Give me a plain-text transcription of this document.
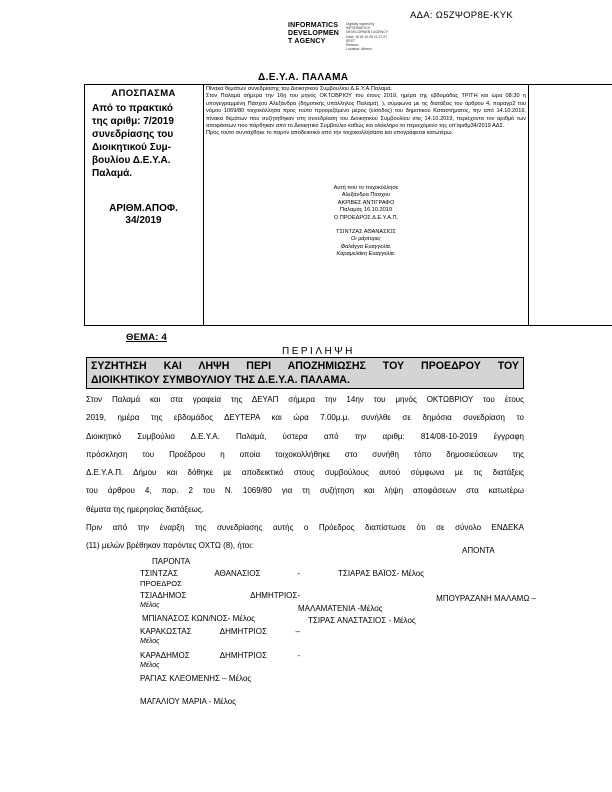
ΑΔΑ: Ω5ΖΨΟΡ8Ε-ΚΥΚ
INFORMATICS
DEVELOPMEN
T AGENCY
Digitally signed by
INFORMATICS
DEVELOPMENT AGENCY
Date: 2019.10.25 11:17:27
EEST
Reason:
Location: Athens
Δ.Ε.Υ.Α. ΠΑΛΑΜΑ
ΑΠΟΣΠΑΣΜΑ
Από το πρακτικό
της αριθμ: 7/2019
συνεδρίασης του
Διοικητικού Συμ-
βουλίου Δ.Ε.Υ.Α.
Παλαμά.
ΑΡΙΘΜ.ΑΠΟΦ.
34/2019

Πίνακα θεμάτων συνεδρίασης του Διοικητικού Συμβουλίου Δ.Ε.Υ.Α.Παλαμά.

Στον Παλαμά σήμερα την 16η του μηνός ΟΚΤΩΒΡΙΟΥ του έτους 2019, ημέρα της εβδομάδας ΤΡΙΤΗ και ώρα 08:30 η υπογεγραμμένη Πάσχου Αλεξάνδρα (δημοτικής υπάλληλος Παλαμά). ), σύμφωνα με τις διατάξεις του άρθρου 4, παραγρ2 του νόμου 1069/80 τοιχοκόλλησα προς τούτο προοριζόμενο μέρος (είσοδος) του δημοτικού Καταστήματος, την από 14.10.2019, πίνακα θεμάτων που συζητήθηκαν στη συνεδρίαση του Διοικητικού Συμβουλίου στις 14.10.2019, περιέχοντα τον αριθμό των αποφάσεων που πάρθηκαν από το Διοικητικό Συμβούλιο καθώς και ολόκληρο το περιεχόμενο της υπ'αριθμ34/2019 ΑΔΣ.

Προς τούτο συντάχθηκε το παρόν αποδεικτικό από την τοιχοκολλήσασα και υπογράφεται κατωτέρω.

Αυτή που το τοιχοκόλλησε
Αλεξάνδρα Πάσχου
ΑΚΡΙΒΕΣ ΑΝΤΙΓΡΑΦΟ
Παλαμάς 16.10.2019
Ο ΠΡΟΕΔΡΟΣ Δ.Ε.Υ.Α.Π.
ΤΣΙΝΤΖΑΣ ΑΘΑΝΑΣΙΟΣ
Οι μάρτυρες
Φαλάγγα Ευαγγελία.
Καραμελάκη Ευαγγελία.
ΘΕΜΑ: 4
ΠΕΡΙΛΗΨΗ
ΣΥΖΗΤΗΣΗ ΚΑΙ ΛΗΨΗ ΠΕΡΙ ΑΠΟΖΗΜΙΩΣΗΣ ΤΟΥ ΠΡΟΕΔΡΟΥ ΤΟΥ
ΔΙΟΙΚΗΤΙΚΟΥ ΣΥΜΒΟΥΛΙΟΥ ΤΗΣ Δ.Ε.Υ.Α. ΠΑΛΑΜΑ.

Στον Παλαμά και στα γραφεία της ΔΕΥΑΠ σήμερα την 14ην του μηνός ΟΚΤΩΒΡΙΟΥ του έτους

2019, ημέρα της εβδομάδος ΔΕΥΤΕΡΑ και ώρα 7.00μ.μ. συνήλθε σε δημόσια συνεδρίαση το

Διοικητικό Συμβούλιο Δ.Ε.Υ.Α. Παλαμά, ύστερα από την αριθμ: 814/08-10-2019 έγγραφη

πρόσκληση του Προέδρου η οποία τοιχοκολλήθηκε στο συνήθη τόπο δημοσιεύσεων της

Δ.Ε.Υ.Α.Π. Δήμου και δόθηκε με αποδεικτικό στους συμβούλους αυτού σύμφωνα με τις διατάξεις

του άρθρου 4, παρ. 2 του Ν. 1069/80 για τη συζήτηση και λήψη αποφάσεων στα κατωτέρω

θέματα της ημερησίας διατάξεως.

Πριν από την έναρξη της συνεδρίασης αυτής ο Πρόεδρος διαπίστωσε ότι σε σύνολο ΕΝΔΕΚΑ

(11) μελών βρέθηκαν παρόντες ΟΧΤΩ (8), ήτοι:

ΑΠΟΝΤΑ
ΠΑΡΟΝΤΑ
ΤΣΙΝΤΖΑΣ ΑΘΑΝΑΣΙΟΣ -
ΠΡΟΕΔΡΟΣ
ΤΣΙΑΔΗΜΟΣ ΔΗΜΗΤΡΙΟΣ-
Μέλος
ΜΠΙΑΝΑΣΟΣ ΚΩΝ/ΝΟΣ- Μέλος
ΚΑΡΑΚΩΣΤΑΣ ΔΗΜΗΤΡΙΟΣ –
Μέλος
ΚΑΡΑΔΗΜΟΣ ΔΗΜΗΤΡΙΟΣ -
Μέλος
ΡΑΓΙΑΣ ΚΛΕΟΜΕΝΗΣ – Μέλος
ΜΑΓΑΛΙΟΥ ΜΑΡΙΑ - Μέλος
ΤΣΙΑΡΑΣ ΒΑΪΟΣ- Μέλος
ΜΠΟΥΡΑΖΑΝΗ ΜΑΛΑΜΩ –
ΜΑΛΑΜΑΤΕΝΙΑ -Μέλος
ΤΣΙΡΑΣ ΑΝΑΣΤΑΣΙΟΣ - Μέλος
